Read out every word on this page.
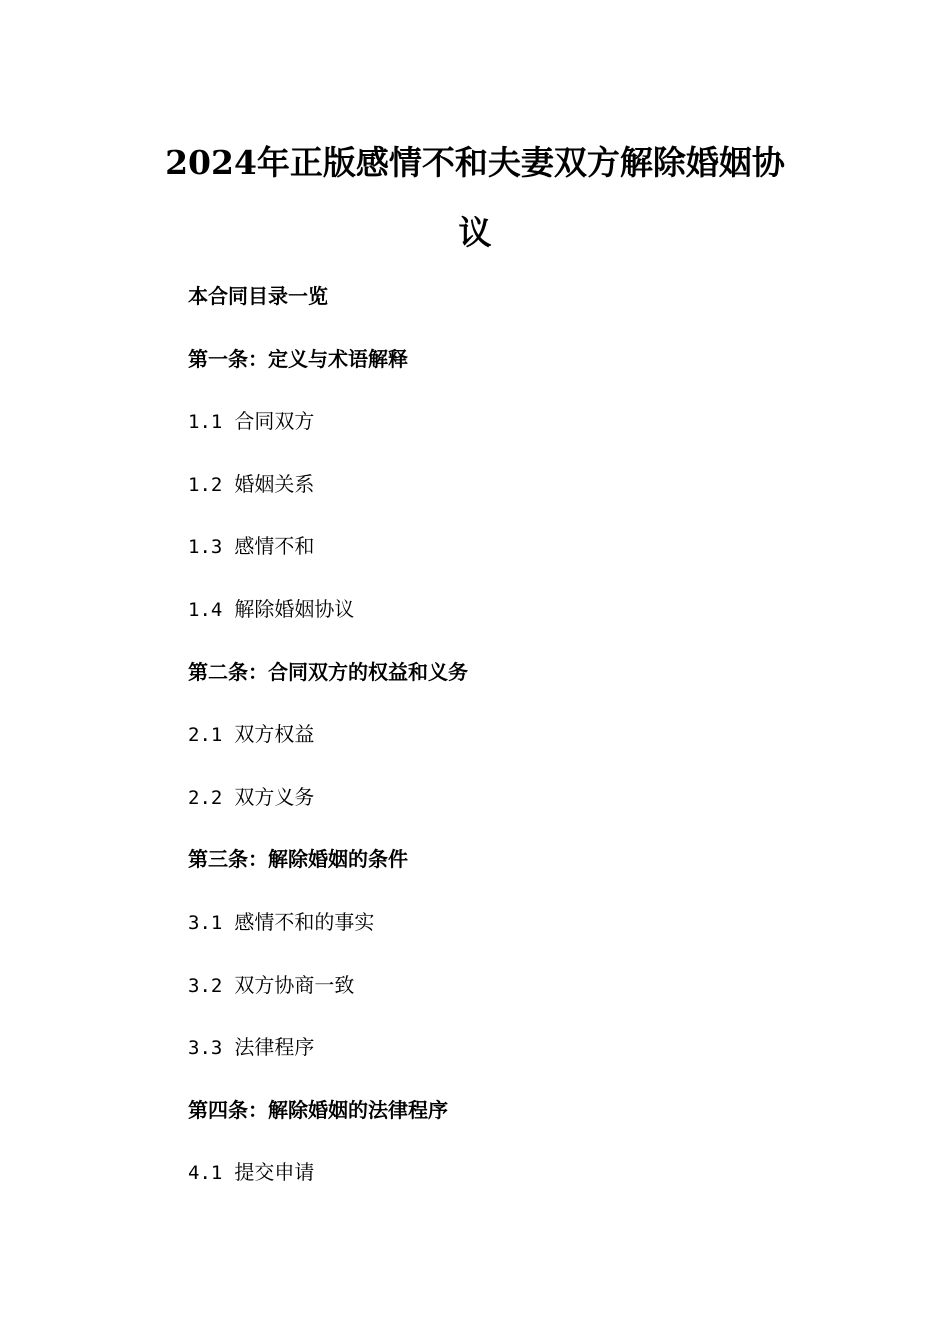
2024年正版感情不和夫妻双方解除婚姻协议
本合同目录一览
第一条：定义与术语解释
1.1 合同双方
1.2 婚姻关系
1.3 感情不和
1.4 解除婚姻协议
第二条：合同双方的权益和义务
2.1 双方权益
2.2 双方义务
第三条：解除婚姻的条件
3.1 感情不和的事实
3.2 双方协商一致
3.3 法律程序
第四条：解除婚姻的法律程序
4.1 提交申请
